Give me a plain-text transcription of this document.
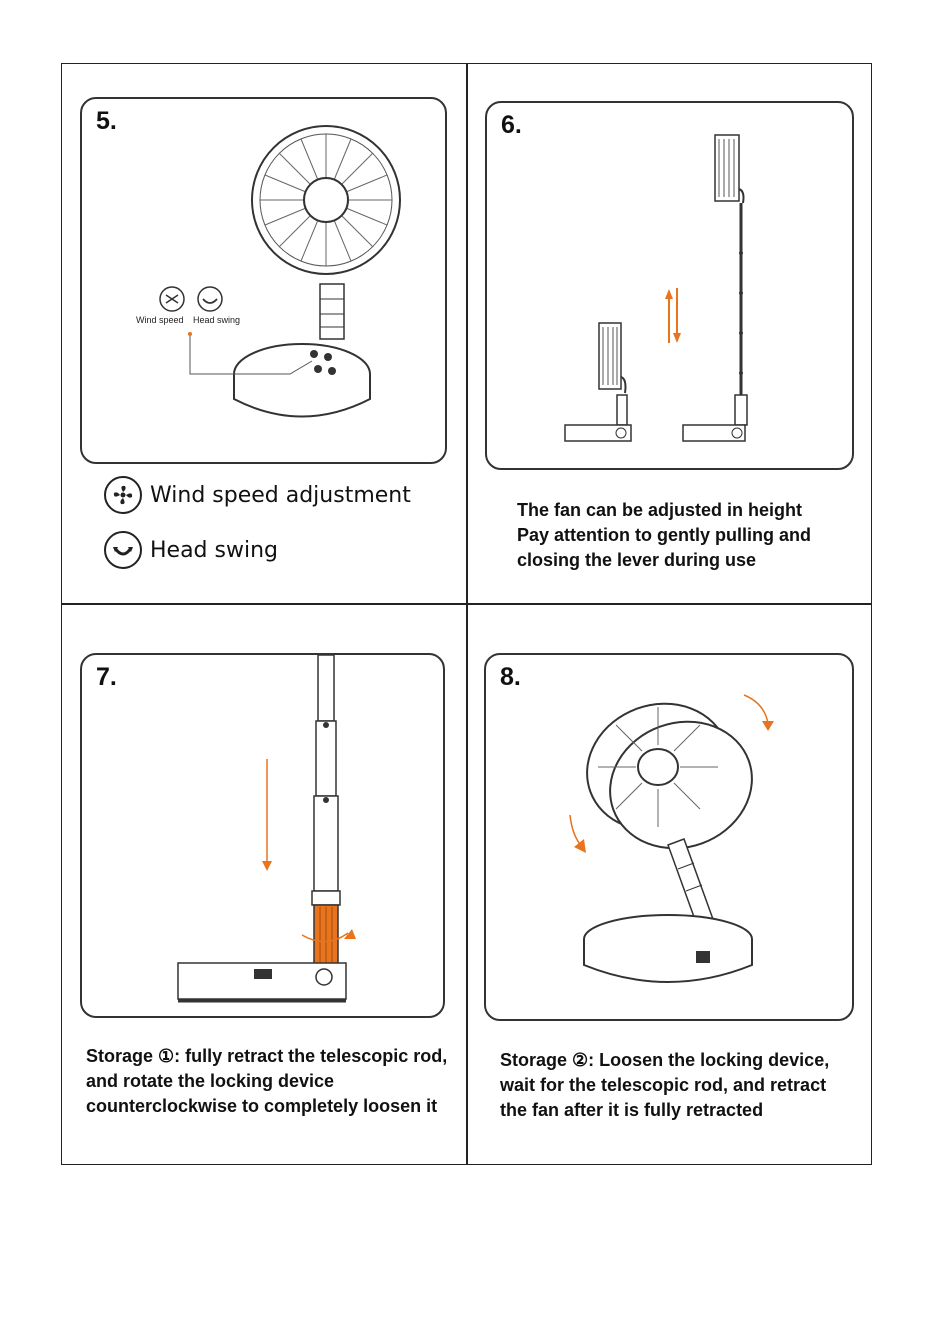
5.
Wind speed Head swing
Wind speed adjustment
Head swing
6.
The fan can be adjusted in height
Pay attention to gently pulling and
closing the lever during use
7.
Storage ①: fully retract the telescopic rod,
and rotate the locking device
counterclockwise to completely loosen it
8.
Storage ②: Loosen the locking device,
wait for the telescopic rod, and retract
the fan after it is fully retracted
